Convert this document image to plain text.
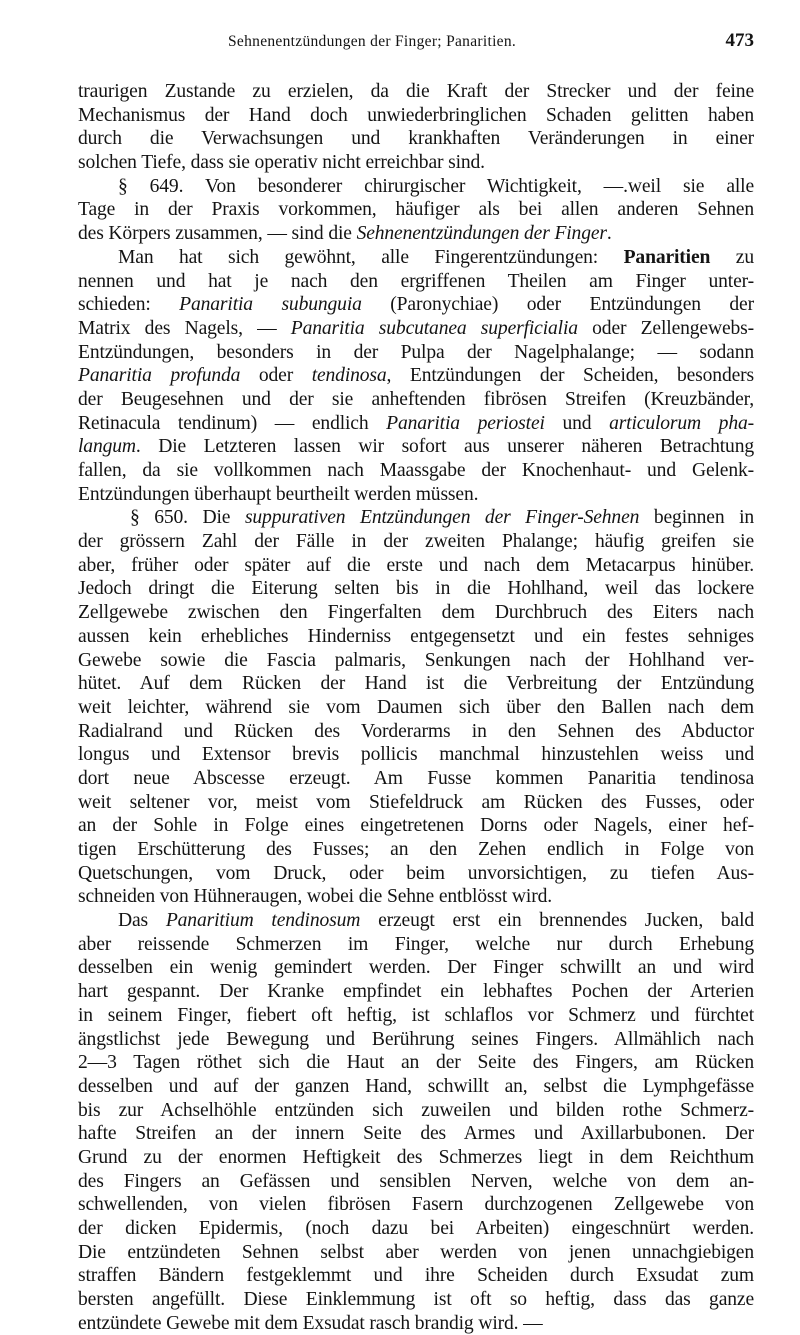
Sehnenentzündungen der Finger; Panaritien.	473
traurigen Zustande zu erzielen, da die Kraft der Strecker und der feine
Mechanismus der Hand doch unwiederbringlichen Schaden gelitten haben
durch die Verwachsungen und krankhaften Veränderungen in einer
solchen Tiefe, dass sie operativ nicht erreichbar sind.
§ 649. Von besonderer chirurgischer Wichtigkeit, —.weil sie alle
Tage in der Praxis vorkommen, häufiger als bei allen anderen Sehnen
des Körpers zusammen, — sind die Sehnenentzündungen der Finger.
Man hat sich gewöhnt, alle Fingerentzündungen: Panaritien zu
nennen und hat je nach den ergriffenen Theilen am Finger unter-
schieden: Panaritia subunguia (Paronychiae) oder Entzündungen der
Matrix des Nagels, — Panaritia subcutanea superficialia oder Zellengewebs-
Entzündungen, besonders in der Pulpa der Nagelphalange; — sodann
Panaritia profunda oder tendinosa, Entzündungen der Scheiden, besonders
der Beugesehnen und der sie anheftenden fibrösen Streifen (Kreuzbänder,
Retinacula tendinum) — endlich Panaritia periostei und articulorum pha-
langum. Die Letzteren lassen wir sofort aus unserer näheren Betrachtung
fallen, da sie vollkommen nach Maassgabe der Knochenhaut- und Gelenk-
Entzündungen überhaupt beurtheilt werden müssen.
§ 650. Die suppurativen Entzündungen der Finger-Sehnen beginnen in
der grössern Zahl der Fälle in der zweiten Phalange; häufig greifen sie
aber, früher oder später auf die erste und nach dem Metacarpus hinüber.
Jedoch dringt die Eiterung selten bis in die Hohlhand, weil das lockere
Zellgewebe zwischen den Fingerfalten dem Durchbruch des Eiters nach
aussen kein erhebliches Hinderniss entgegensetzt und ein festes sehniges
Gewebe sowie die Fascia palmaris, Senkungen nach der Hohlhand ver-
hütet. Auf dem Rücken der Hand ist die Verbreitung der Entzündung
weit leichter, während sie vom Daumen sich über den Ballen nach dem
Radialrand und Rücken des Vorderarms in den Sehnen des Abductor
longus und Extensor brevis pollicis manchmal hinzustehlen weiss und
dort neue Abscesse erzeugt. Am Fusse kommen Panaritia tendinosa
weit seltener vor, meist vom Stiefeldruck am Rücken des Fusses, oder
an der Sohle in Folge eines eingetretenen Dorns oder Nagels, einer hef-
tigen Erschütterung des Fusses; an den Zehen endlich in Folge von
Quetschungen, vom Druck, oder beim unvorsichtigen, zu tiefen Aus-
schneiden von Hühneraugen, wobei die Sehne entblösst wird.
Das Panaritium tendinosum erzeugt erst ein brennendes Jucken, bald
aber reissende Schmerzen im Finger, welche nur durch Erhebung
desselben ein wenig gemindert werden. Der Finger schwillt an und wird
hart gespannt. Der Kranke empfindet ein lebhaftes Pochen der Arterien
in seinem Finger, fiebert oft heftig, ist schlaflos vor Schmerz und fürchtet
ängstlichst jede Bewegung und Berührung seines Fingers. Allmählich nach
2—3 Tagen röthet sich die Haut an der Seite des Fingers, am Rücken
desselben und auf der ganzen Hand, schwillt an, selbst die Lymphgefässe
bis zur Achselhöhle entzünden sich zuweilen und bilden rothe Schmerz-
hafte Streifen an der innern Seite des Armes und Axillarbubonen. Der
Grund zu der enormen Heftigkeit des Schmerzes liegt in dem Reichthum
des Fingers an Gefässen und sensiblen Nerven, welche von dem an-
schwellenden, von vielen fibrösen Fasern durchzogenen Zellgewebe von
der dicken Epidermis, (noch dazu bei Arbeiten) eingeschnürt werden.
Die entzündeten Sehnen selbst aber werden von jenen unnachgiebigen
straffen Bändern festgeklemmt und ihre Scheiden durch Exsudat zum
bersten angefüllt. Diese Einklemmung ist oft so heftig, dass das ganze
entzündete Gewebe mit dem Exsudat rasch brandig wird. —
